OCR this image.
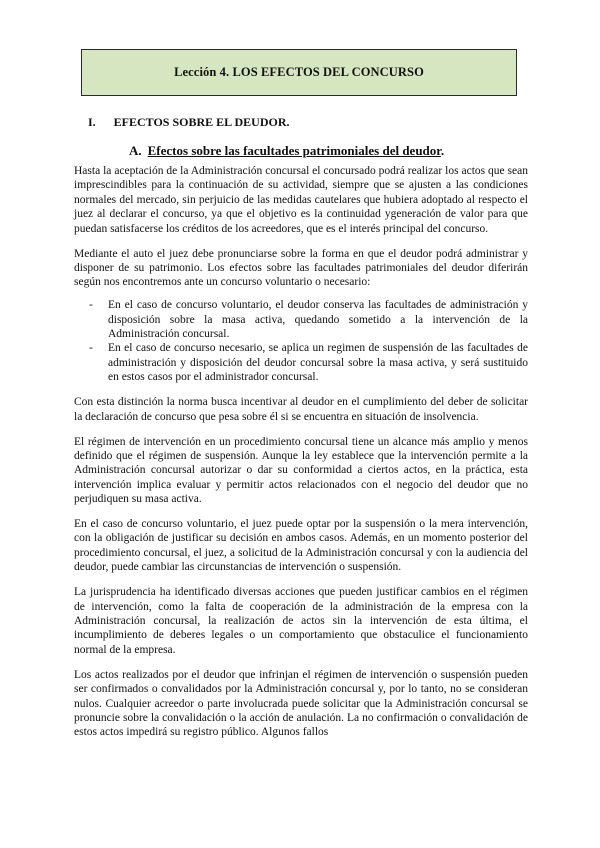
Lección 4. LOS EFECTOS DEL CONCURSO
I. EFECTOS SOBRE EL DEUDOR.
A. Efectos sobre las facultades patrimoniales del deudor.

Hasta la aceptación de la Administración concursal el concursado podrá realizar los actos que sean imprescindibles para la continuación de su actividad, siempre que se ajusten a las condiciones normales del mercado, sin perjuicio de las medidas cautelares que hubiera adoptado al respecto el juez al declarar el concurso, ya que el objetivo es la continuidad ygeneración de valor para que puedan satisfacerse los créditos de los acreedores, que es el interés principal del concurso.

Mediante el auto el juez debe pronunciarse sobre la forma en que el deudor podrá administrar y disponer de su patrimonio. Los efectos sobre las facultades patrimoniales del deudor diferirán según nos encontremos ante un concurso voluntario o necesario:

- En el caso de concurso voluntario, el deudor conserva las facultades de administración y disposición sobre la masa activa, quedando sometido a la intervención de la Administración concursal.
- En el caso de concurso necesario, se aplica un regimen de suspensión de las facultades de administración y disposición del deudor concursal sobre la masa activa, y será sustituido en estos casos por el administrador concursal.

Con esta distinción la norma busca incentivar al deudor en el cumplimiento del deber de solicitar la declaración de concurso que pesa sobre él si se encuentra en situación de insolvencia.

El régimen de intervención en un procedimiento concursal tiene un alcance más amplio y menos definido que el régimen de suspensión. Aunque la ley establece que la intervención permite a la Administración concursal autorizar o dar su conformidad a ciertos actos, en la práctica, esta intervención implica evaluar y permitir actos relacionados con el negocio del deudor que no perjudiquen su masa activa.

En el caso de concurso voluntario, el juez puede optar por la suspensión o la mera intervención, con la obligación de justificar su decisión en ambos casos. Además, en un momento posterior del procedimiento concursal, el juez, a solicitud de la Administración concursal y con la audiencia del deudor, puede cambiar las circunstancias de intervención o suspensión.

La jurisprudencia ha identificado diversas acciones que pueden justificar cambios en el régimen de intervención, como la falta de cooperación de la administración de la empresa con la Administración concursal, la realización de actos sin la intervención de esta última, el incumplimiento de deberes legales o un comportamiento que obstaculice el funcionamiento normal de la empresa.

Los actos realizados por el deudor que infrinjan el régimen de intervención o suspensión pueden ser confirmados o convalidados por la Administración concursal y, por lo tanto, no se consideran nulos. Cualquier acreedor o parte involucrada puede solicitar que la Administración concursal se pronuncie sobre la convalidación o la acción de anulación. La no confirmación o convalidación de estos actos impedirá su registro público. Algunos fallos
